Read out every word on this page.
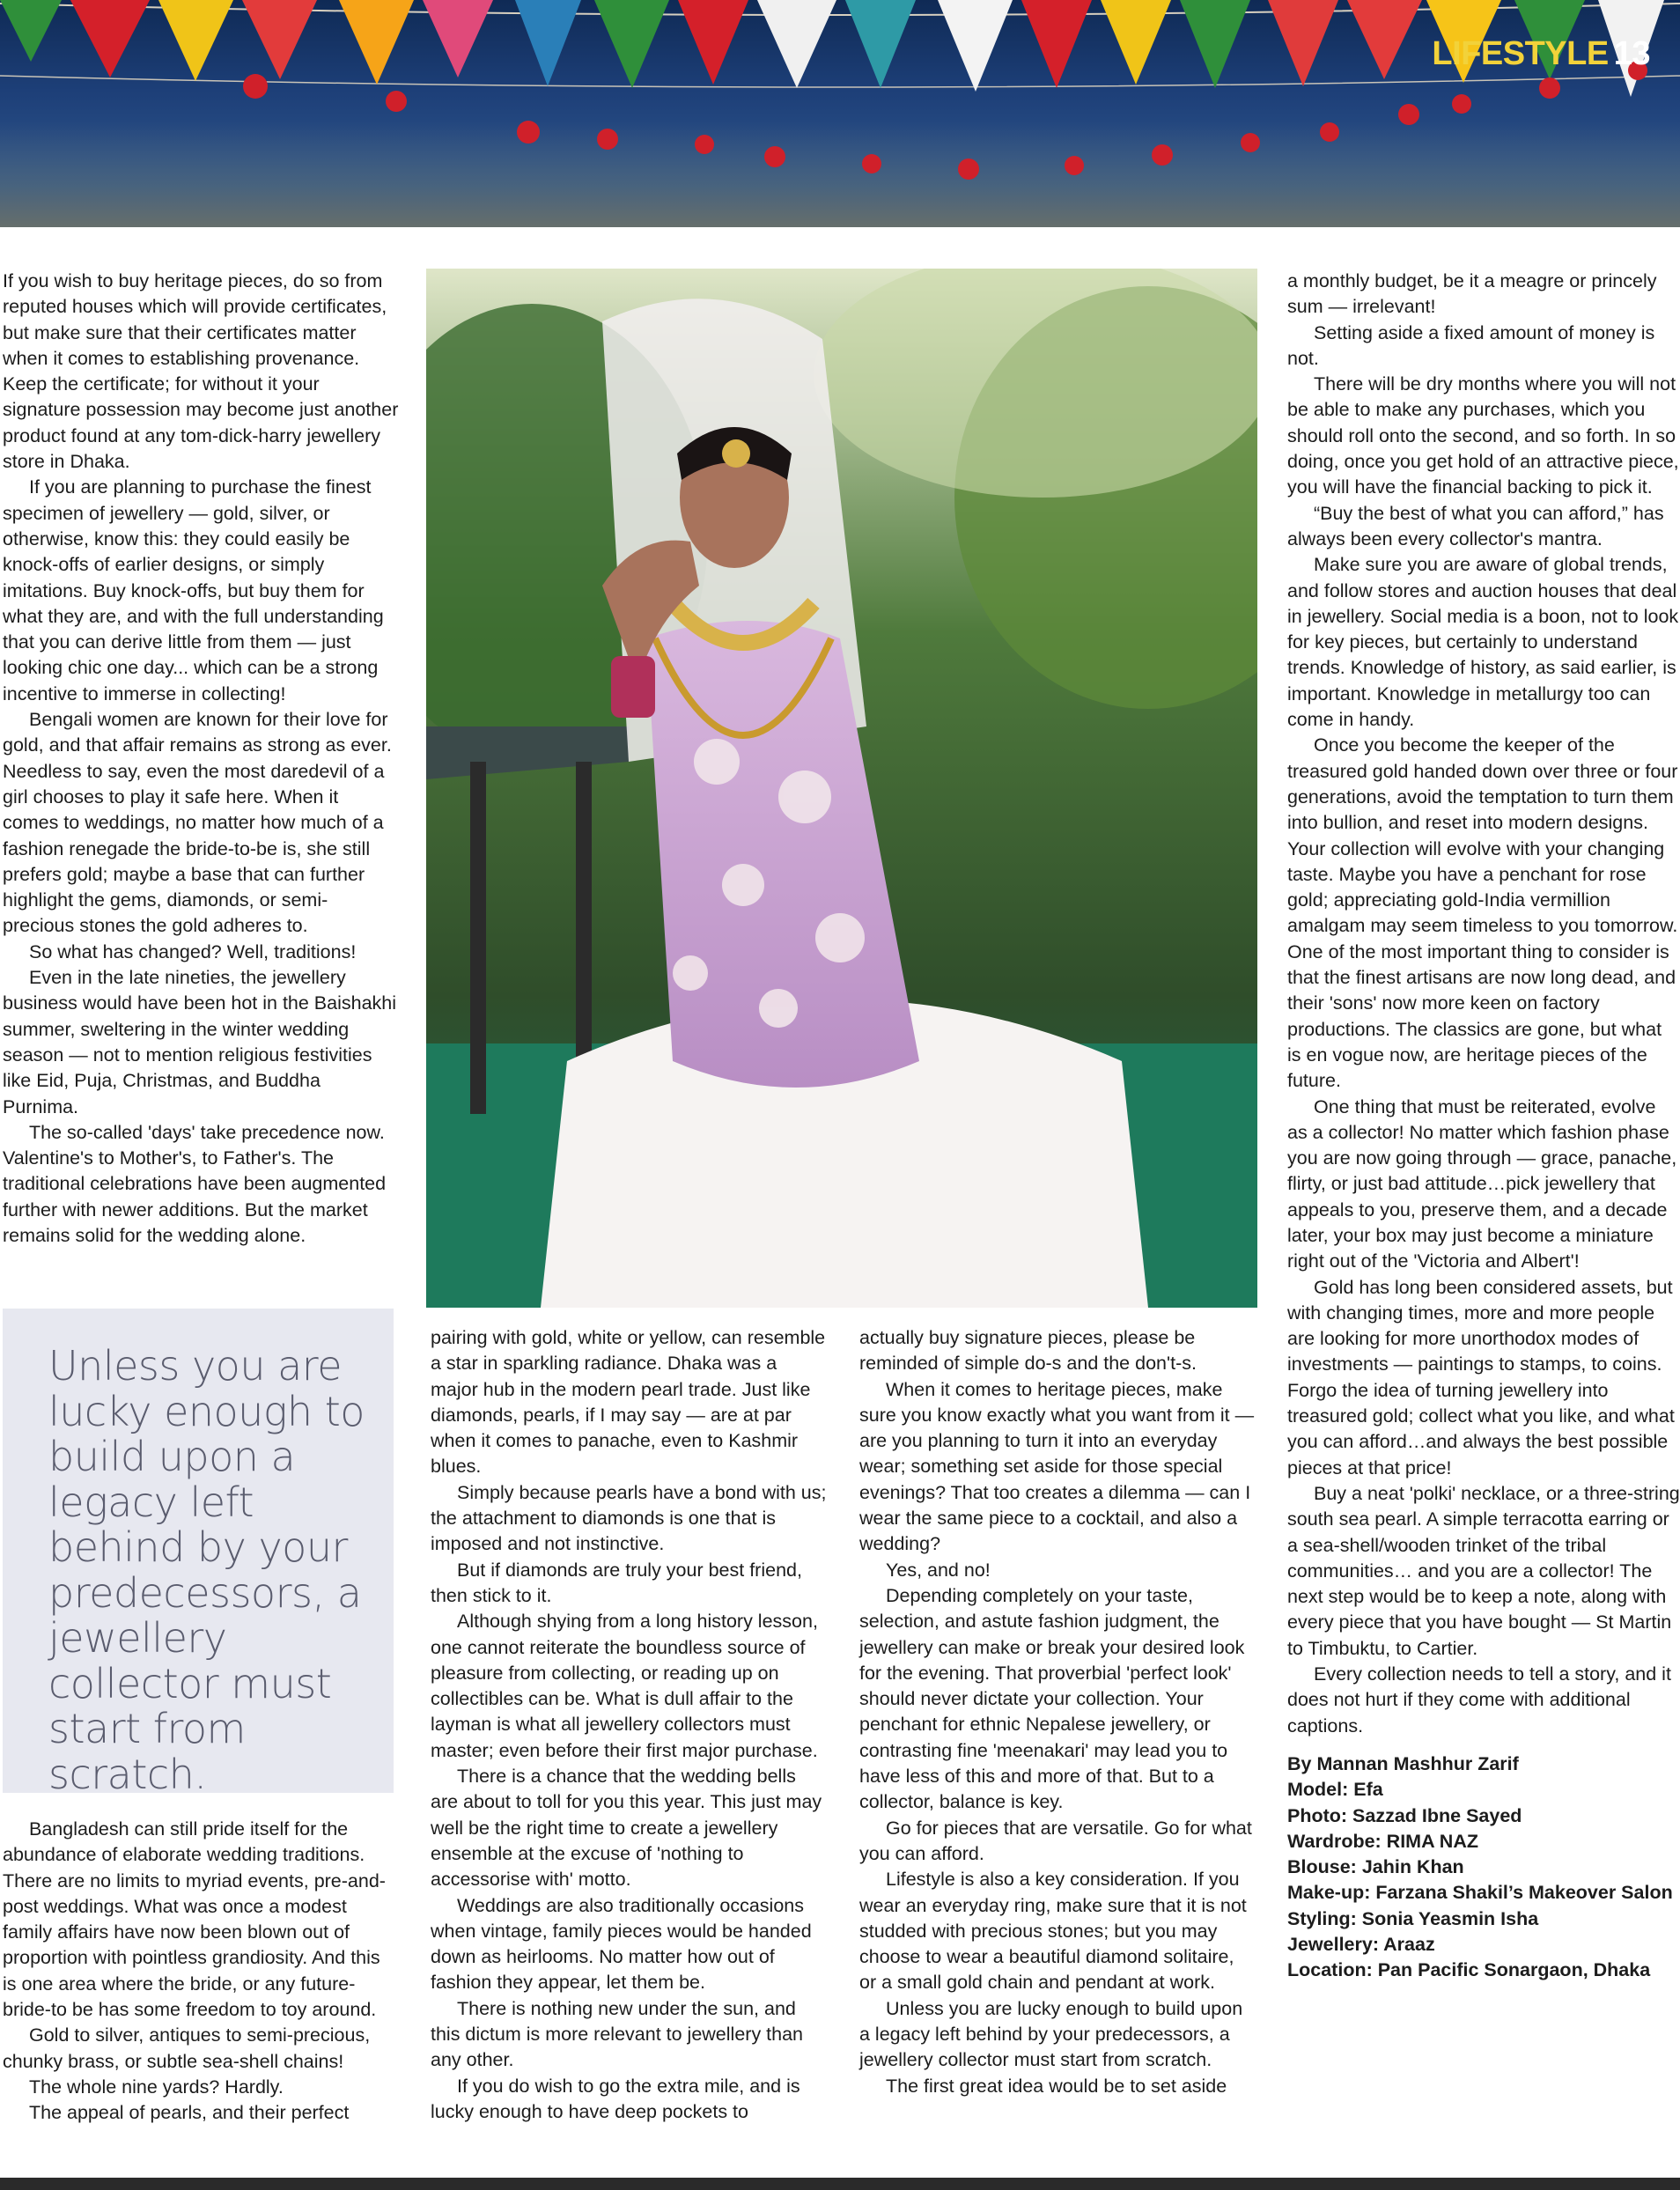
LIFESTYLE 13

If you wish to buy heritage pieces, do so from reputed houses which will provide certificates, but make sure that their certificates matter when it comes to establishing provenance. Keep the certificate; for without it your signature possession may become just another product found at any tom-dick-harry jewellery store in Dhaka.

If you are planning to purchase the finest specimen of jewellery — gold, silver, or otherwise, know this: they could easily be knock-offs of earlier designs, or simply imitations. Buy knock-offs, but buy them for what they are, and with the full understanding that you can derive little from them — just looking chic one day... which can be a strong incentive to immerse in collecting!

Bengali women are known for their love for gold, and that affair remains as strong as ever. Needless to say, even the most daredevil of a girl chooses to play it safe here. When it comes to weddings, no matter how much of a fashion renegade the bride-to-be is, she still prefers gold; maybe a base that can further highlight the gems, diamonds, or semi-precious stones the gold adheres to.

So what has changed? Well, traditions!

Even in the late nineties, the jewellery business would have been hot in the Baishakhi summer, sweltering in the winter wedding season — not to mention religious festivities like Eid, Puja, Christmas, and Buddha Purnima.

The so-called 'days' take precedence now. Valentine's to Mother's, to Father's. The traditional celebrations have been augmented further with newer additions. But the market remains solid for the wedding alone.

Unless you are lucky enough to build upon a legacy left behind by your predecessors, a jewellery collector must start from scratch.

Bangladesh can still pride itself for the abundance of elaborate wedding traditions. There are no limits to myriad events, pre-and-post weddings. What was once a modest family affairs have now been blown out of proportion with pointless grandiosity. And this is one area where the bride, or any future-bride-to be has some freedom to toy around.

Gold to silver, antiques to semi-precious, chunky brass, or subtle sea-shell chains!

The whole nine yards? Hardly.

The appeal of pearls, and their perfect

pairing with gold, white or yellow, can resemble a star in sparkling radiance. Dhaka was a major hub in the modern pearl trade. Just like diamonds, pearls, if I may say — are at par when it comes to panache, even to Kashmir blues.

Simply because pearls have a bond with us; the attachment to diamonds is one that is imposed and not instinctive.

But if diamonds are truly your best friend, then stick to it.

Although shying from a long history lesson, one cannot reiterate the boundless source of pleasure from collecting, or reading up on collectibles can be. What is dull affair to the layman is what all jewellery collectors must master; even before their first major purchase.

There is a chance that the wedding bells are about to toll for you this year. This just may well be the right time to create a jewellery ensemble at the excuse of 'nothing to accessorise with' motto.

Weddings are also traditionally occasions when vintage, family pieces would be handed down as heirlooms. No matter how out of fashion they appear, let them be.

There is nothing new under the sun, and this dictum is more relevant to jewellery than any other.

If you do wish to go the extra mile, and is lucky enough to have deep pockets to

actually buy signature pieces, please be reminded of simple do-s and the don't-s.

When it comes to heritage pieces, make sure you know exactly what you want from it — are you planning to turn it into an everyday wear; something set aside for those special evenings? That too creates a dilemma — can I wear the same piece to a cocktail, and also a wedding?

Yes, and no!

Depending completely on your taste, selection, and astute fashion judgment, the jewellery can make or break your desired look for the evening. That proverbial 'perfect look' should never dictate your collection. Your penchant for ethnic Nepalese jewellery, or contrasting fine 'meenakari' may lead you to have less of this and more of that. But to a collector, balance is key.

Go for pieces that are versatile. Go for what you can afford.

Lifestyle is also a key consideration. If you wear an everyday ring, make sure that it is not studded with precious stones; but you may choose to wear a beautiful diamond solitaire, or a small gold chain and pendant at work.

Unless you are lucky enough to build upon a legacy left behind by your predecessors, a jewellery collector must start from scratch.

The first great idea would be to set aside

a monthly budget, be it a meagre or princely sum — irrelevant!

Setting aside a fixed amount of money is not.

There will be dry months where you will not be able to make any purchases, which you should roll onto the second, and so forth. In so doing, once you get hold of an attractive piece, you will have the financial backing to pick it.

“Buy the best of what you can afford,” has always been every collector's mantra.

Make sure you are aware of global trends, and follow stores and auction houses that deal in jewellery. Social media is a boon, not to look for key pieces, but certainly to understand trends. Knowledge of history, as said earlier, is important. Knowledge in metallurgy too can come in handy.

Once you become the keeper of the treasured gold handed down over three or four generations, avoid the temptation to turn them into bullion, and reset into modern designs. Your collection will evolve with your changing taste. Maybe you have a penchant for rose gold; appreciating gold-India vermillion amalgam may seem timeless to you tomorrow. One of the most important thing to consider is that the finest artisans are now long dead, and their 'sons' now more keen on factory productions. The classics are gone, but what is en vogue now, are heritage pieces of the future.

One thing that must be reiterated, evolve as a collector! No matter which fashion phase you are now going through — grace, panache, flirty, or just bad attitude…pick jewellery that appeals to you, preserve them, and a decade later, your box may just become a miniature right out of the 'Victoria and Albert'!

Gold has long been considered assets, but with changing times, more and more people are looking for more unorthodox modes of investments — paintings to stamps, to coins. Forgo the idea of turning jewellery into treasured gold; collect what you like, and what you can afford…and always the best possible pieces at that price!

Buy a neat 'polki' necklace, or a three-string south sea pearl. A simple terracotta earring or a sea-shell/wooden trinket of the tribal communities… and you are a collector! The next step would be to keep a note, along with every piece that you have bought — St Martin to Timbuktu, to Cartier.

Every collection needs to tell a story, and it does not hurt if they come with additional captions.

By Mannan Mashhur Zarif
Model: Efa
Photo: Sazzad Ibne Sayed
Wardrobe: RIMA NAZ
Blouse: Jahin Khan
Make-up: Farzana Shakil’s Makeover Salon
Styling: Sonia Yeasmin Isha
Jewellery: Araaz
Location: Pan Pacific Sonargaon, Dhaka
